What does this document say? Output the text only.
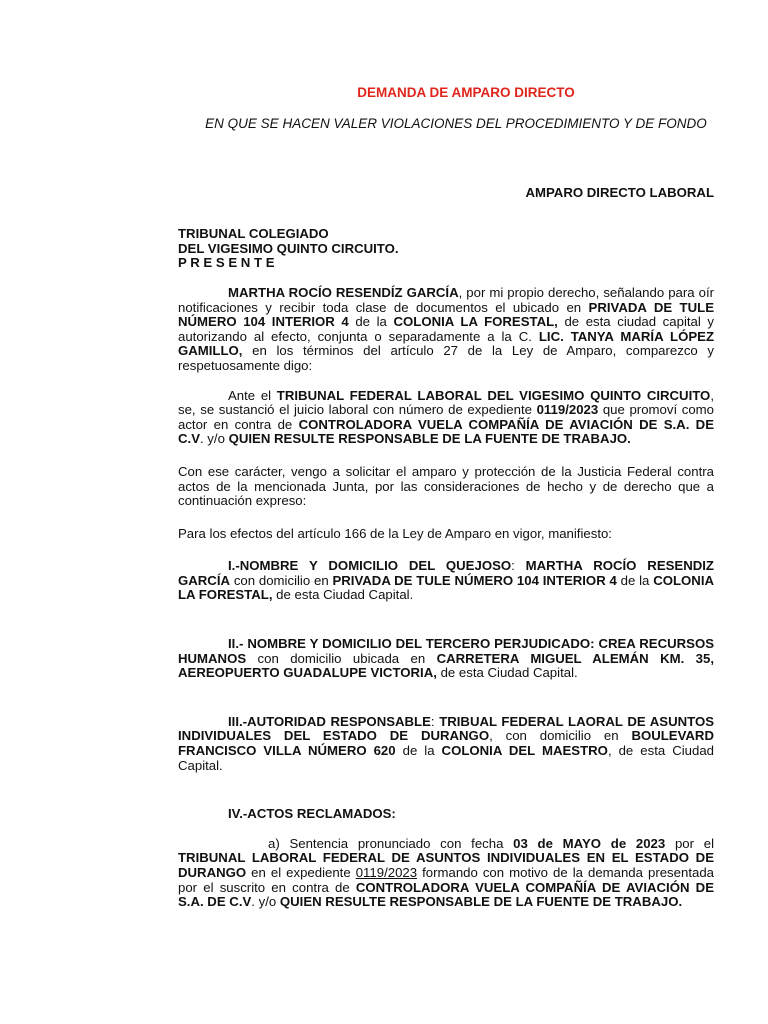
DEMANDA DE AMPARO DIRECTO

EN QUE SE HACEN VALER VIOLACIONES DEL PROCEDIMIENTO Y DE FONDO

AMPARO DIRECTO LABORAL

TRIBUNAL COLEGIADO
DEL VIGESIMO QUINTO CIRCUITO.
P R E S E N T E

MARTHA ROCÍO RESENDÍZ GARCÍA, por mi propio derecho, señalando para oír notificaciones y recibir toda clase de documentos el ubicado en PRIVADA DE TULE NÚMERO 104 INTERIOR 4 de la COLONIA LA FORESTAL, de esta ciudad capital y autorizando al efecto, conjunta o separadamente a la C. LIC. TANYA MARÍA LÓPEZ GAMILLO, en los términos del artículo 27 de la Ley de Amparo, comparezco y respetuosamente digo:

Ante el TRIBUNAL FEDERAL LABORAL DEL VIGESIMO QUINTO CIRCUITO, se, se sustanció el juicio laboral con número de expediente 0119/2023 que promoví como actor en contra de CONTROLADORA VUELA COMPAÑÍA DE AVIACIÓN DE S.A. DE C.V. y/o QUIEN RESULTE RESPONSABLE DE LA FUENTE DE TRABAJO.

Con ese carácter, vengo a solicitar el amparo y protección de la Justicia Federal contra actos de la mencionada Junta, por las consideraciones de hecho y de derecho que a continuación expreso:

Para los efectos del artículo 166 de la Ley de Amparo en vigor, manifiesto:

I.-NOMBRE Y DOMICILIO DEL QUEJOSO: MARTHA ROCÍO RESENDIZ GARCÍA con domicilio en PRIVADA DE TULE NÚMERO 104 INTERIOR 4 de la COLONIA LA FORESTAL, de esta Ciudad Capital.

II.- NOMBRE Y DOMICILIO DEL TERCERO PERJUDICADO: CREA RECURSOS HUMANOS con domicilio ubicada en CARRETERA MIGUEL ALEMÁN KM. 35, AEREOPUERTO GUADALUPE VICTORIA, de esta Ciudad Capital.

III.-AUTORIDAD RESPONSABLE: TRIBUAL FEDERAL LAORAL DE ASUNTOS INDIVIDUALES DEL ESTADO DE DURANGO, con domicilio en BOULEVARD FRANCISCO VILLA NÚMERO 620 de la COLONIA DEL MAESTRO, de esta Ciudad Capital.

IV.-ACTOS RECLAMADOS:

a) Sentencia pronunciado con fecha 03 de MAYO de 2023 por el TRIBUNAL LABORAL FEDERAL DE ASUNTOS INDIVIDUALES EN EL ESTADO DE DURANGO en el expediente 0119/2023 formando con motivo de la demanda presentada por el suscrito en contra de CONTROLADORA VUELA COMPAÑÍA DE AVIACIÓN DE S.A. DE C.V. y/o QUIEN RESULTE RESPONSABLE DE LA FUENTE DE TRABAJO.
